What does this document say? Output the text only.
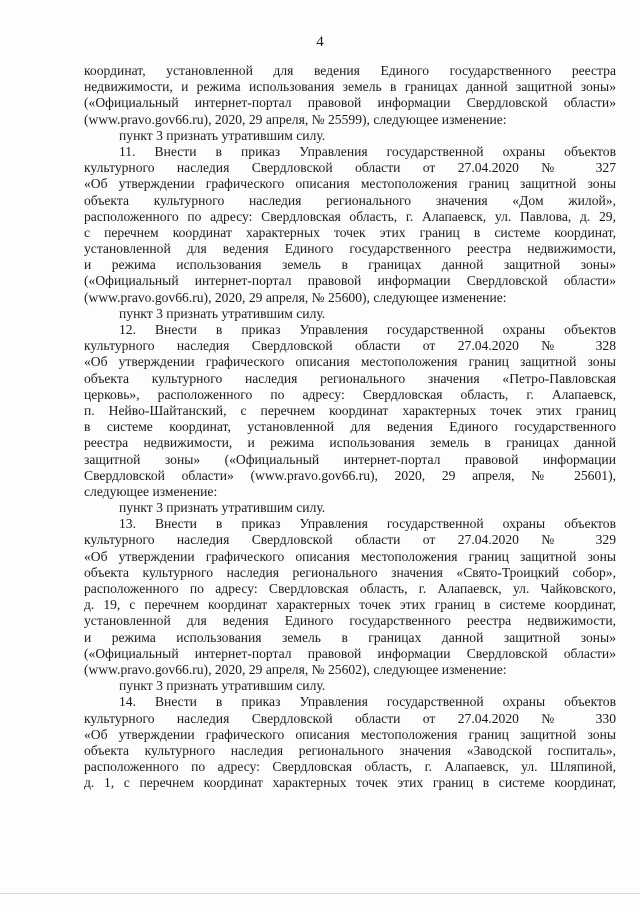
4
координат, установленной для ведения Единого государственного реестра
недвижимости, и режима использования земель в границах данной защитной зоны»
(«Официальный интернет-портал правовой информации Свердловской области»
(www.pravo.gov66.ru), 2020, 29 апреля, № 25599), следующее изменение:
пункт 3 признать утратившим силу.
11. Внести в приказ Управления государственной охраны объектов
культурного наследия Свердловской области от 27.04.2020 № 327
«Об утверждении графического описания местоположения границ защитной зоны
объекта культурного наследия регионального значения «Дом жилой»,
расположенного по адресу: Свердловская область, г. Алапаевск, ул. Павлова, д. 29,
с перечнем координат характерных точек этих границ в системе координат,
установленной для ведения Единого государственного реестра недвижимости,
и режима использования земель в границах данной защитной зоны»
(«Официальный интернет-портал правовой информации Свердловской области»
(www.pravo.gov66.ru), 2020, 29 апреля, № 25600), следующее изменение:
пункт 3 признать утратившим силу.
12. Внести в приказ Управления государственной охраны объектов
культурного наследия Свердловской области от 27.04.2020 № 328
«Об утверждении графического описания местоположения границ защитной зоны
объекта культурного наследия регионального значения «Петро-Павловская
церковь», расположенного по адресу: Свердловская область, г. Алапаевск,
п. Нейво-Шайтанский, с перечнем координат характерных точек этих границ
в системе координат, установленной для ведения Единого государственного
реестра недвижимости, и режима использования земель в границах данной
защитной зоны» («Официальный интернет-портал правовой информации
Свердловской области» (www.pravo.gov66.ru), 2020, 29 апреля, № 25601),
следующее изменение:
пункт 3 признать утратившим силу.
13. Внести в приказ Управления государственной охраны объектов
культурного наследия Свердловской области от 27.04.2020 № 329
«Об утверждении графического описания местоположения границ защитной зоны
объекта культурного наследия регионального значения «Свято-Троицкий собор»,
расположенного по адресу: Свердловская область, г. Алапаевск, ул. Чайковского,
д. 19, с перечнем координат характерных точек этих границ в системе координат,
установленной для ведения Единого государственного реестра недвижимости,
и режима использования земель в границах данной защитной зоны»
(«Официальный интернет-портал правовой информации Свердловской области»
(www.pravo.gov66.ru), 2020, 29 апреля, № 25602), следующее изменение:
пункт 3 признать утратившим силу.
14. Внести в приказ Управления государственной охраны объектов
культурного наследия Свердловской области от 27.04.2020 № 330
«Об утверждении графического описания местоположения границ защитной зоны
объекта культурного наследия регионального значения «Заводской госпиталь»,
расположенного по адресу: Свердловская область, г. Алапаевск, ул. Шляпиной,
д. 1, с перечнем координат характерных точек этих границ в системе координат,
